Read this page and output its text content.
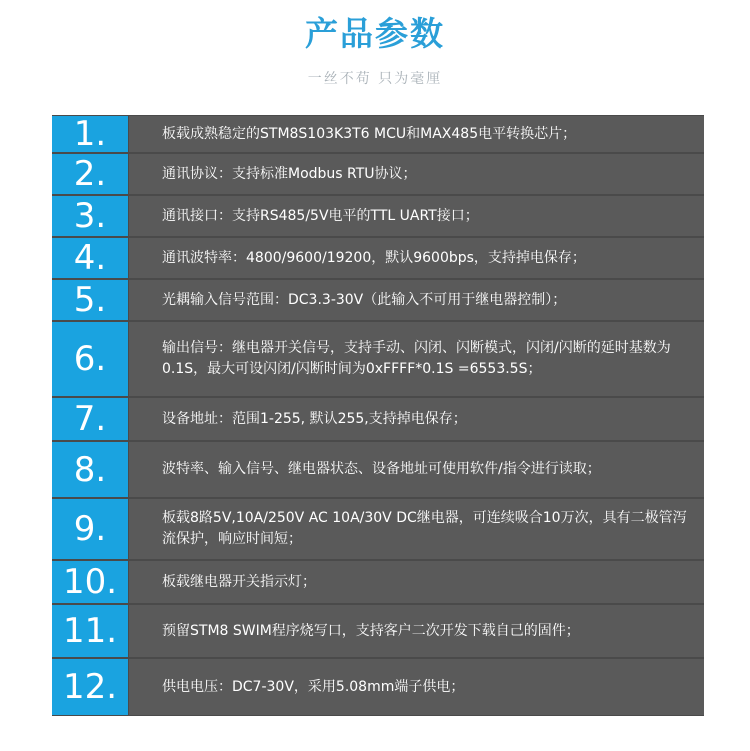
产品参数
一丝不苟 只为毫厘
1.	板载成熟稳定的STM8S103K3T6 MCU和MAX485电平转换芯片；
2.	通讯协议：支持标准Modbus RTU协议；
3.	通讯接口：支持RS485/5V电平的TTL UART接口；
4.	通讯波特率：4800/9600/19200，默认9600bps，支持掉电保存；
5.	光耦输入信号范围：DC3.3-30V（此输入不可用于继电器控制）；
6.	输出信号：继电器开关信号，支持手动、闪闭、闪断模式，闪闭/闪断的延时基数为0.1S，最大可设闪闭/闪断时间为0xFFFF*0.1S =6553.5S；
7.	设备地址：范围1-255, 默认255,支持掉电保存；
8.	波特率、输入信号、继电器状态、设备地址可使用软件/指令进行读取；
9.	板载8路5V,10A/250V AC 10A/30V DC继电器，可连续吸合10万次，具有二极管泻流保护，响应时间短；
10.	板载继电器开关指示灯；
11.	预留STM8 SWIM程序烧写口，支持客户二次开发下载自己的固件；
12.	供电电压：DC7-30V，采用5.08mm端子供电；
